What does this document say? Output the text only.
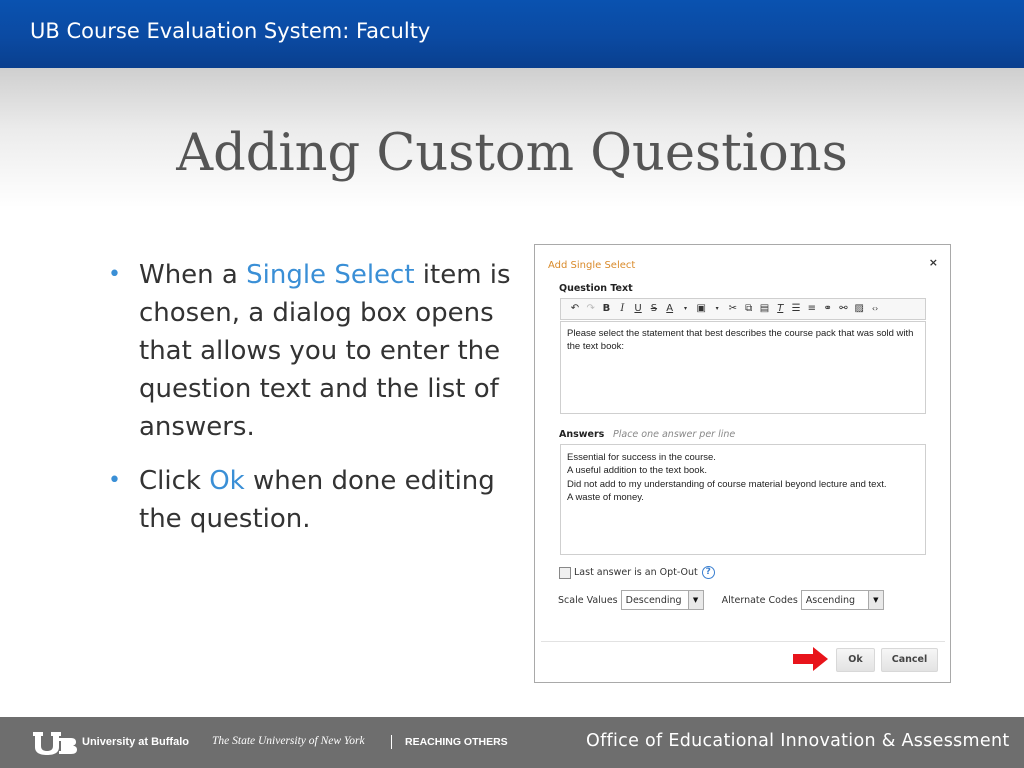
UB Course Evaluation System: Faculty
Adding Custom Questions
• When a Single Select item is chosen, a dialog box opens that allows you to enter the question text and the list of answers.
• Click Ok when done editing the question.
Add Single Select	×
Question Text
↶ ↷ B	I	U S A	▾ ▣	▾	✂ ⧉ ▤ T ☰ ≡ ⚭ ⚯ ▨ ‹›
Please select the statement that best describes the course pack that was sold with the text book:
Answers Place one answer per line
Essential for success in the course.
A useful addition to the text book.
Did not add to my understanding of course material beyond lecture and text.
A waste of money.
Last answer is an Opt-Out ?
Scale Values Descending	▼	Alternate Codes Ascending	▼
Ok	Cancel
University at Buffalo The State University of New York	REACHING OTHERS	Office of Educational Innovation & Assessment
